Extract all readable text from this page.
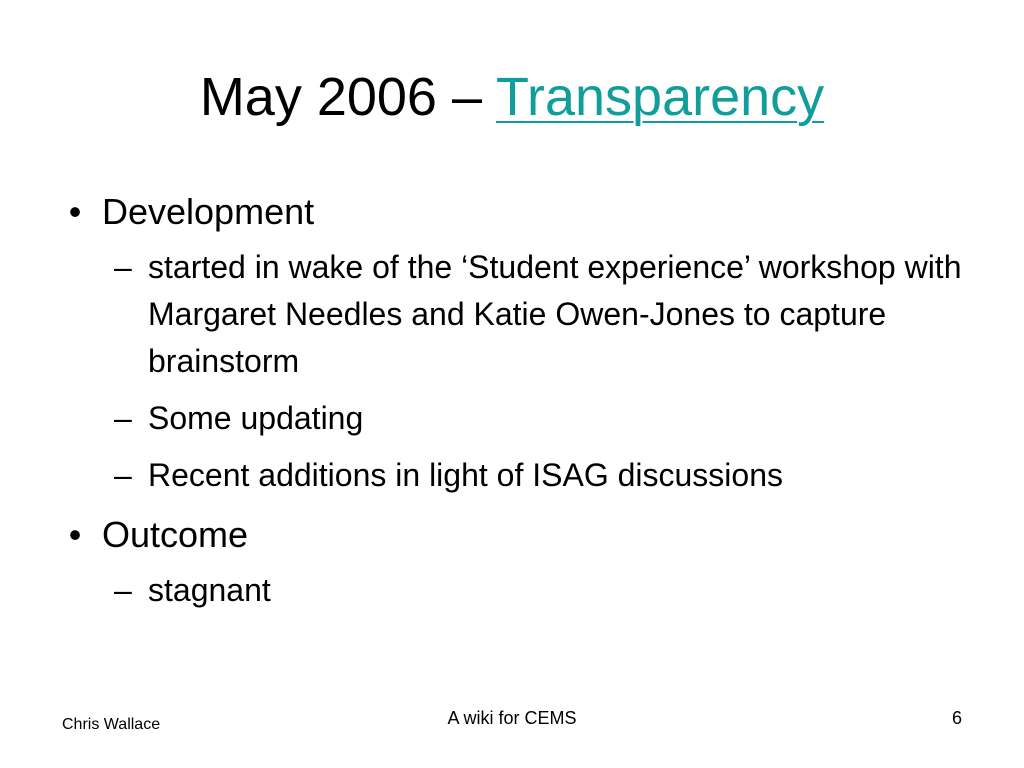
May 2006 – Transparency
• Development
– started in wake of the ‘Student experience’ workshop with Margaret Needles and Katie Owen-Jones to capture brainstorm
– Some updating
– Recent additions in light of ISAG discussions
• Outcome
– stagnant
Chris Wallace	A wiki for CEMS	6
